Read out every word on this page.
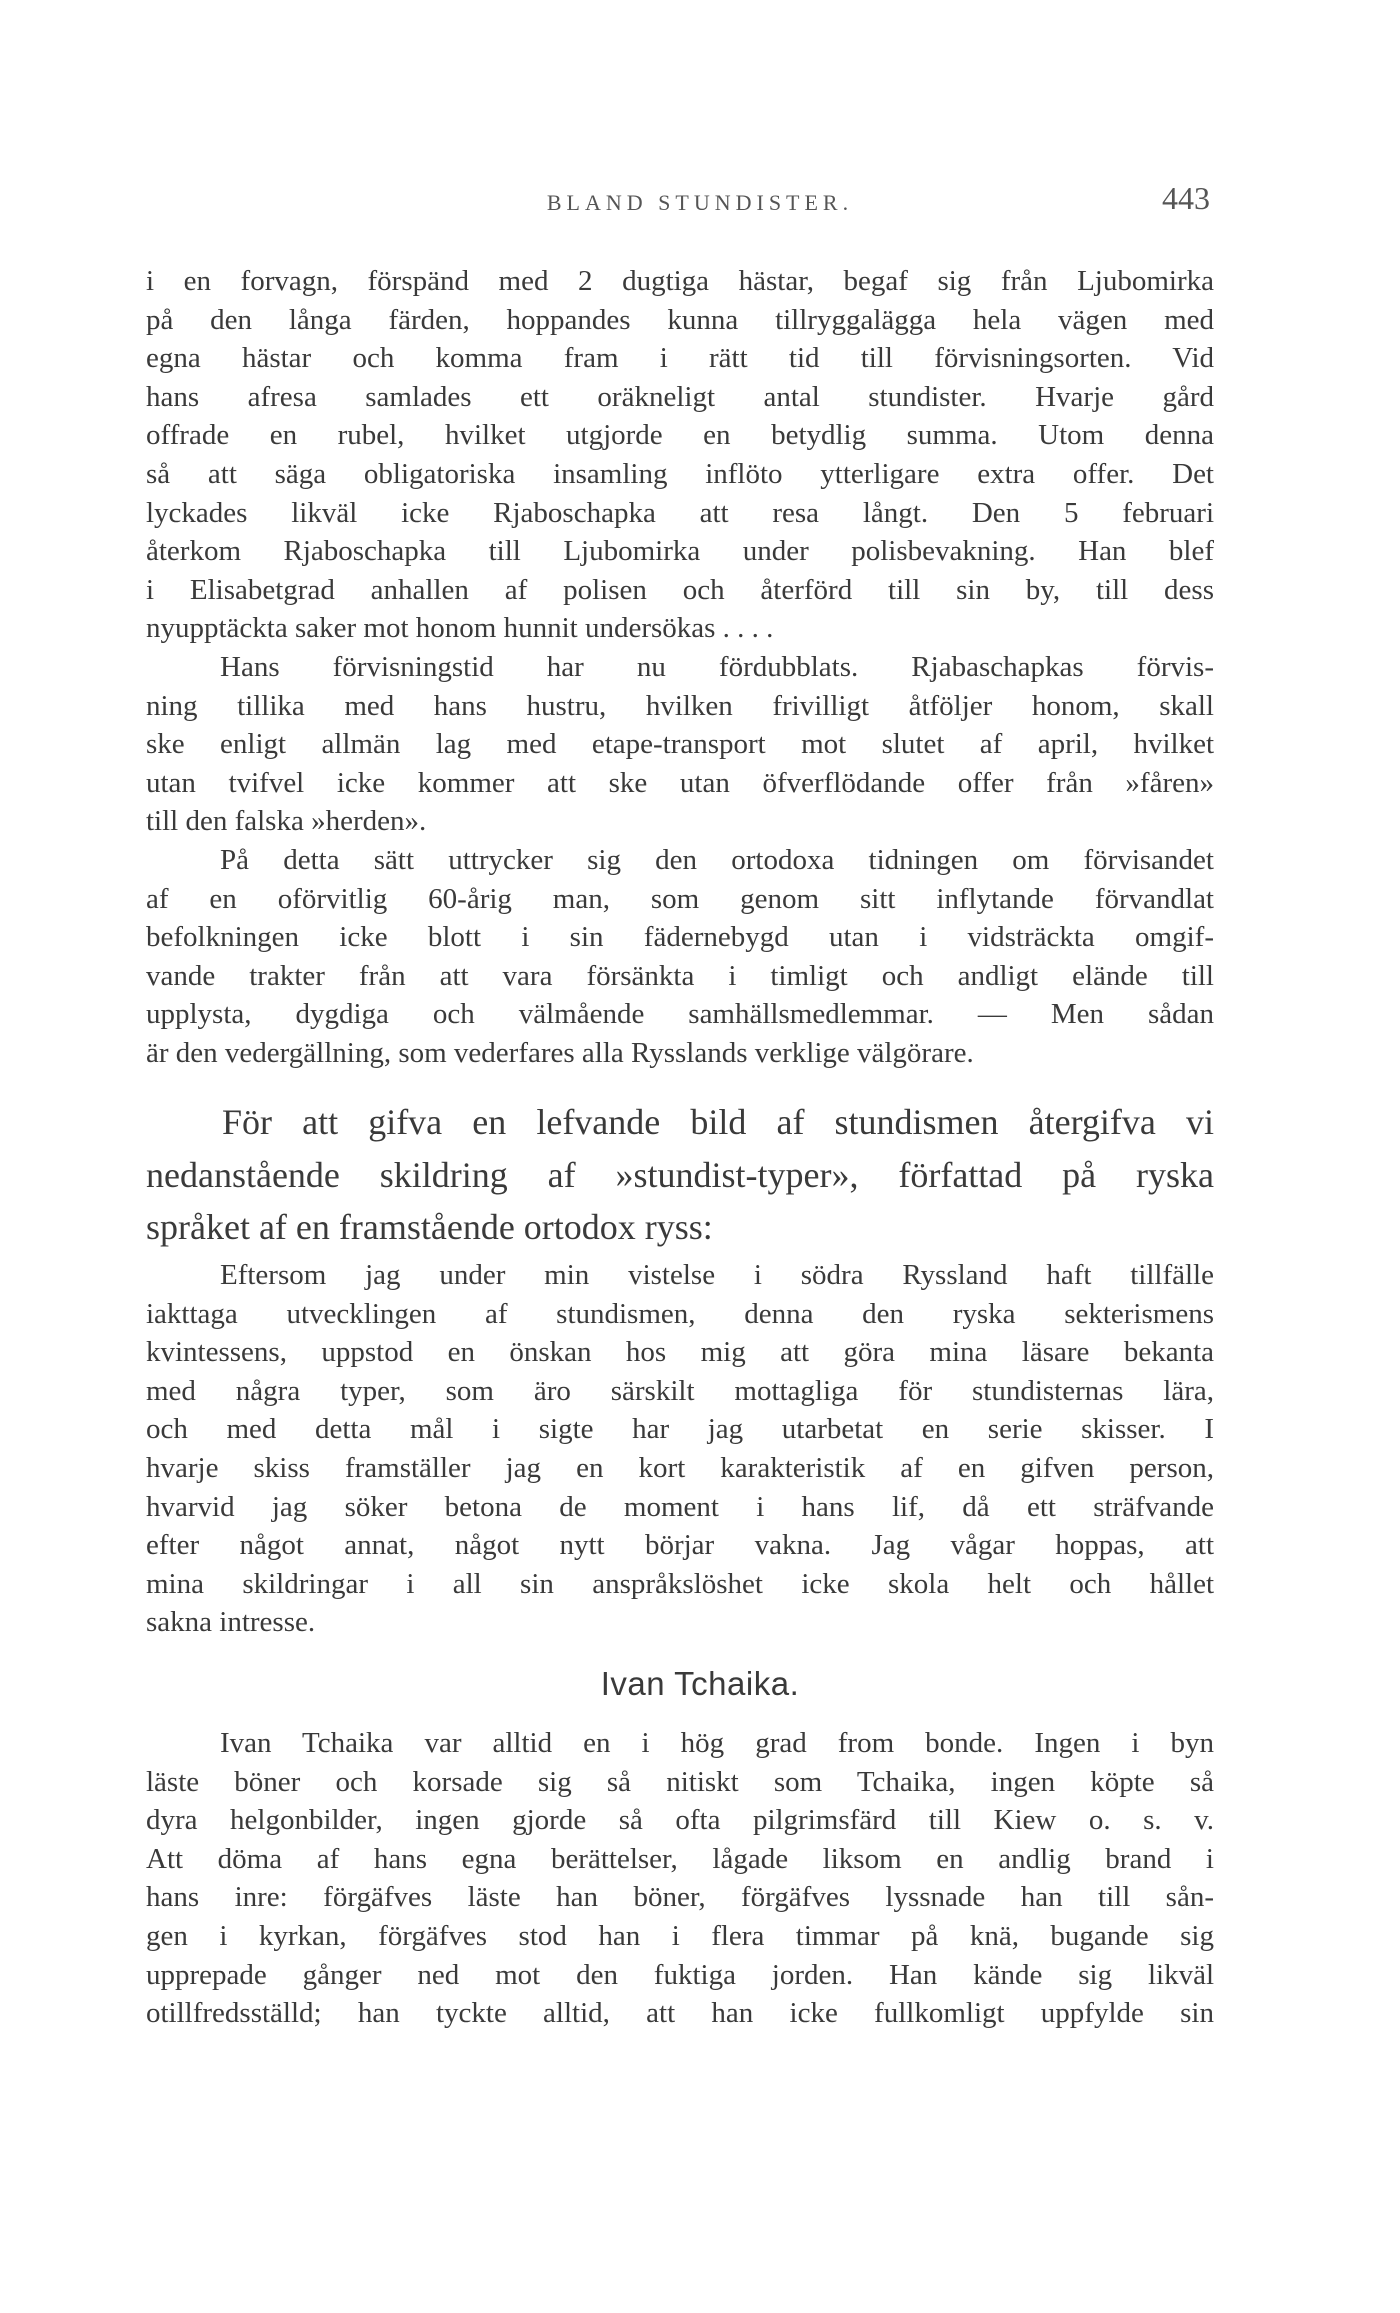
BLAND STUNDISTER.	443
i en forvagn, förspänd med 2 dugtiga hästar, begaf sig från Ljubomirka
på den långa färden, hoppandes kunna tillryggalägga hela vägen med
egna hästar och komma fram i rätt tid till förvisningsorten. Vid
hans afresa samlades ett oräkneligt antal stundister. Hvarje gård
offrade en rubel, hvilket utgjorde en betydlig summa. Utom denna
så att säga obligatoriska insamling inflöto ytterligare extra offer. Det
lyckades likväl icke Rjaboschapka att resa långt. Den 5 februari
återkom Rjaboschapka till Ljubomirka under polisbevakning. Han blef
i Elisabetgrad anhallen af polisen och återförd till sin by, till dess
nyupptäckta saker mot honom hunnit undersökas . . . .
Hans förvisningstid har nu fördubblats. Rjabaschapkas förvis-
ning tillika med hans hustru, hvilken frivilligt åtföljer honom, skall
ske enligt allmän lag med etape-transport mot slutet af april, hvilket
utan tvifvel icke kommer att ske utan öfverflödande offer från »fåren»
till den falska »herden».
På detta sätt uttrycker sig den ortodoxa tidningen om förvisandet
af en oförvitlig 60-årig man, som genom sitt inflytande förvandlat
befolkningen icke blott i sin fädernebygd utan i vidsträckta omgif-
vande trakter från att vara försänkta i timligt och andligt elände till
upplysta, dygdiga och välmående samhällsmedlemmar. — Men sådan
är den vedergällning, som vederfares alla Rysslands verklige välgörare.
För att gifva en lefvande bild af stundismen återgifva vi
nedanstående skildring af »stundist-typer», författad på ryska
språket af en framstående ortodox ryss:
Eftersom jag under min vistelse i södra Ryssland haft tillfälle
iakttaga utvecklingen af stundismen, denna den ryska sekterismens
kvintessens, uppstod en önskan hos mig att göra mina läsare bekanta
med några typer, som äro särskilt mottagliga för stundisternas lära,
och med detta mål i sigte har jag utarbetat en serie skisser. I
hvarje skiss framställer jag en kort karakteristik af en gifven person,
hvarvid jag söker betona de moment i hans lif, då ett sträfvande
efter något annat, något nytt börjar vakna. Jag vågar hoppas, att
mina skildringar i all sin anspråkslöshet icke skola helt och hållet
sakna intresse.
Ivan Tchaika.
Ivan Tchaika var alltid en i hög grad from bonde. Ingen i byn
läste böner och korsade sig så nitiskt som Tchaika, ingen köpte så
dyra helgonbilder, ingen gjorde så ofta pilgrimsfärd till Kiew o. s. v.
Att döma af hans egna berättelser, lågade liksom en andlig brand i
hans inre: förgäfves läste han böner, förgäfves lyssnade han till sån-
gen i kyrkan, förgäfves stod han i flera timmar på knä, bugande sig
upprepade gånger ned mot den fuktiga jorden. Han kände sig likväl
otillfredsställd; han tyckte alltid, att han icke fullkomligt uppfylde sin
